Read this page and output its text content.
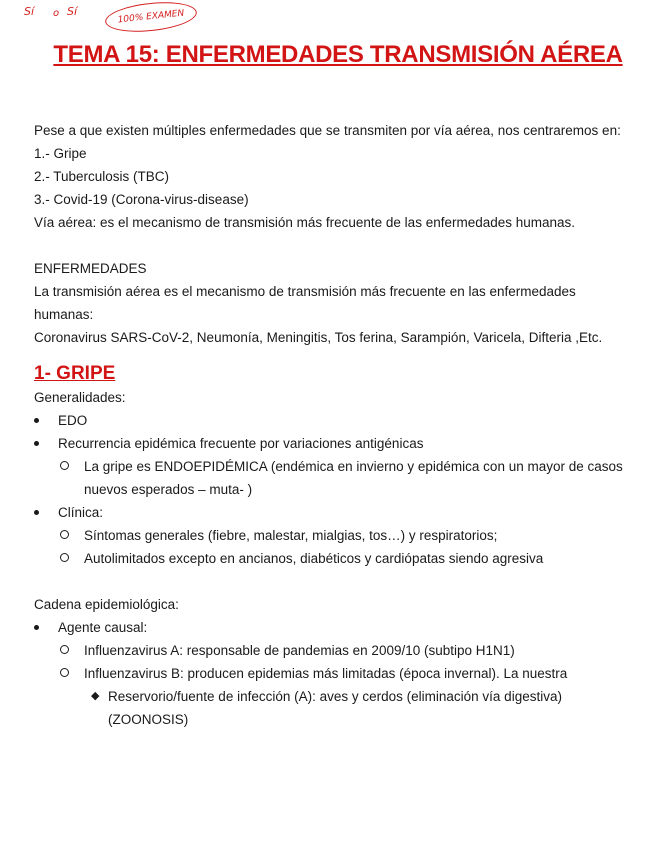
Sí o Sí	100% EXAMEN
TEMA 15: ENFERMEDADES TRANSMISIÓN AÉREA

Pese a que existen múltiples enfermedades que se transmiten por vía aérea, nos centraremos en:

1.- Gripe

2.- Tuberculosis (TBC)

3.- Covid-19 (Corona-virus-disease)

Vía aérea: es el mecanismo de transmisión más frecuente de las enfermedades humanas.

ENFERMEDADES

La transmisión aérea es el mecanismo de transmisión más frecuente en las enfermedades humanas:

Coronavirus SARS-CoV-2, Neumonía, Meningitis, Tos ferina, Sarampión, Varicela, Difteria ,Etc.

1- GRIPE

Generalidades:

EDO
Recurrencia epidémica frecuente por variaciones antigénicas
La gripe es ENDOEPIDÉMICA (endémica en invierno y epidémica con un mayor de casos nuevos esperados – muta- )
Clínica:
Síntomas generales (fiebre, malestar, mialgias, tos…) y respiratorios;
Autolimitados excepto en ancianos, diabéticos y cardiópatas siendo agresiva

Cadena epidemiológica:

Agente causal:
Influenzavirus A: responsable de pandemias en 2009/10 (subtipo H1N1)
Influenzavirus B: producen epidemias más limitadas (época invernal). La nuestra
◆ Reservorio/fuente de infección (A): aves y cerdos (eliminación vía digestiva) (ZOONOSIS)
